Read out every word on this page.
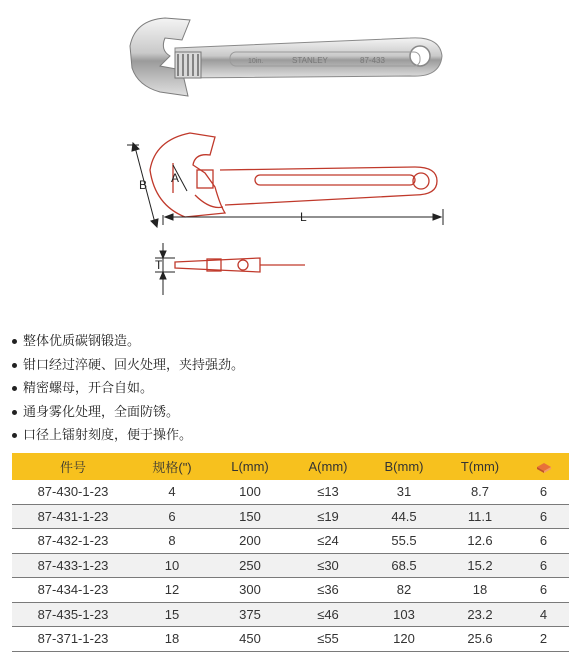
10in.	STANLEY	87-433
B A
L
T
整体优质碳钢锻造。
钳口经过淬硬、回火处理，夹持强劲。
精密螺母，开合自如。
通身雾化处理，全面防锈。
口径上镭射刻度，便于操作。
件号	规格(")	L(mm)	A(mm)	B(mm)	T(mm)	
87-430-1-23	4	100	≤13	31	8.7	6
87-431-1-23	6	150	≤19	44.5	11.1	6
87-432-1-23	8	200	≤24	55.5	12.6	6
87-433-1-23	10	250	≤30	68.5	15.2	6
87-434-1-23	12	300	≤36	82	18	6
87-435-1-23	15	375	≤46	103	23.2	4
87-371-1-23	18	450	≤55	120	25.6	2
